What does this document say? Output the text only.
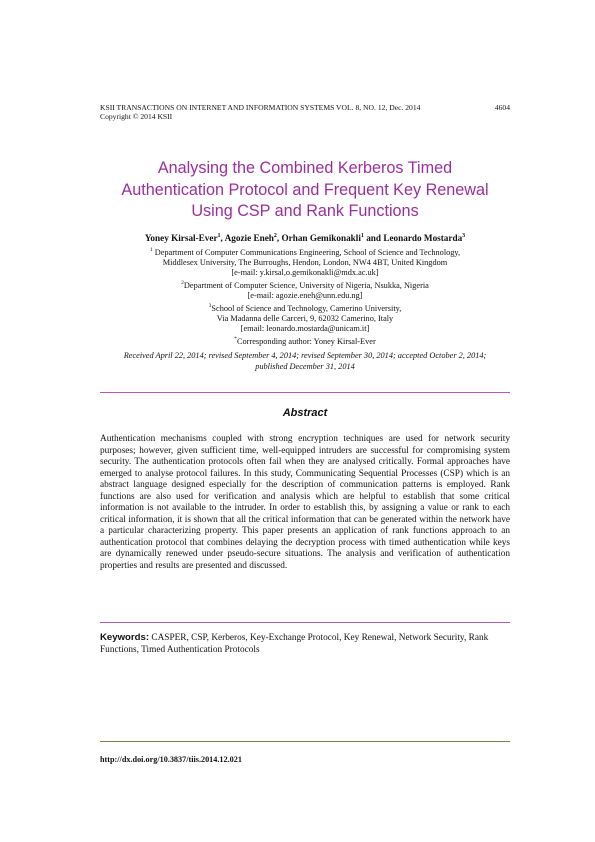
KSII TRANSACTIONS ON INTERNET AND INFORMATION SYSTEMS VOL. 8, NO. 12, Dec. 2014
Copyright © 2014 KSII
4604
Analysing the Combined Kerberos Timed
Authentication Protocol and Frequent Key Renewal
Using CSP and Rank Functions
Yoney Kirsal-Ever$^1$, Agozie Eneh$^2$, Orhan Gemikonakli$^1$ and Leonardo Mostarda$^3$
$^1$ Department of Computer Communications Engineering, School of Science and Technology,
Middlesex University, The Burroughs, Hendon, London, NW4 4BT, United Kingdom
[e-mail: y.kirsal,o.gemikonakli@mdx.ac.uk]
$^2$Department of Computer Science, University of Nigeria, Nsukka, Nigeria
[e-mail: agozie.eneh@unn.edu.ng]
$^3$School of Science and Technology, Camerino University,
Via Madanna delle Carceri, 9, 62032 Camerino, Italy
[email: leonardo.mostarda@unicam.it]
*Corresponding author: Yoney Kirsal-Ever
Received April 22, 2014; revised September 4, 2014; revised September 30, 2014; accepted October 2, 2014;
published December 31, 2014
Abstract
Authentication mechanisms coupled with strong encryption techniques are used for network security purposes; however, given sufficient time, well-equipped intruders are successful for compromising system security. The authentication protocols often fail when they are analysed critically. Formal approaches have emerged to analyse protocol failures. In this study, Communicating Sequential Processes (CSP) which is an abstract language designed especially for the description of communication patterns is employed. Rank functions are also used for verification and analysis which are helpful to establish that some critical information is not available to the intruder. In order to establish this, by assigning a value or rank to each critical information, it is shown that all the critical information that can be generated within the network have a particular characterizing property. This paper presents an application of rank functions approach to an authentication protocol that combines delaying the decryption process with timed authentication while keys are dynamically renewed under pseudo-secure situations. The analysis and verification of authentication properties and results are presented and discussed.
Keywords: CASPER, CSP, Kerberos, Key-Exchange Protocol, Key Renewal, Network Security, Rank Functions, Timed Authentication Protocols
http://dx.doi.org/10.3837/tiis.2014.12.021
